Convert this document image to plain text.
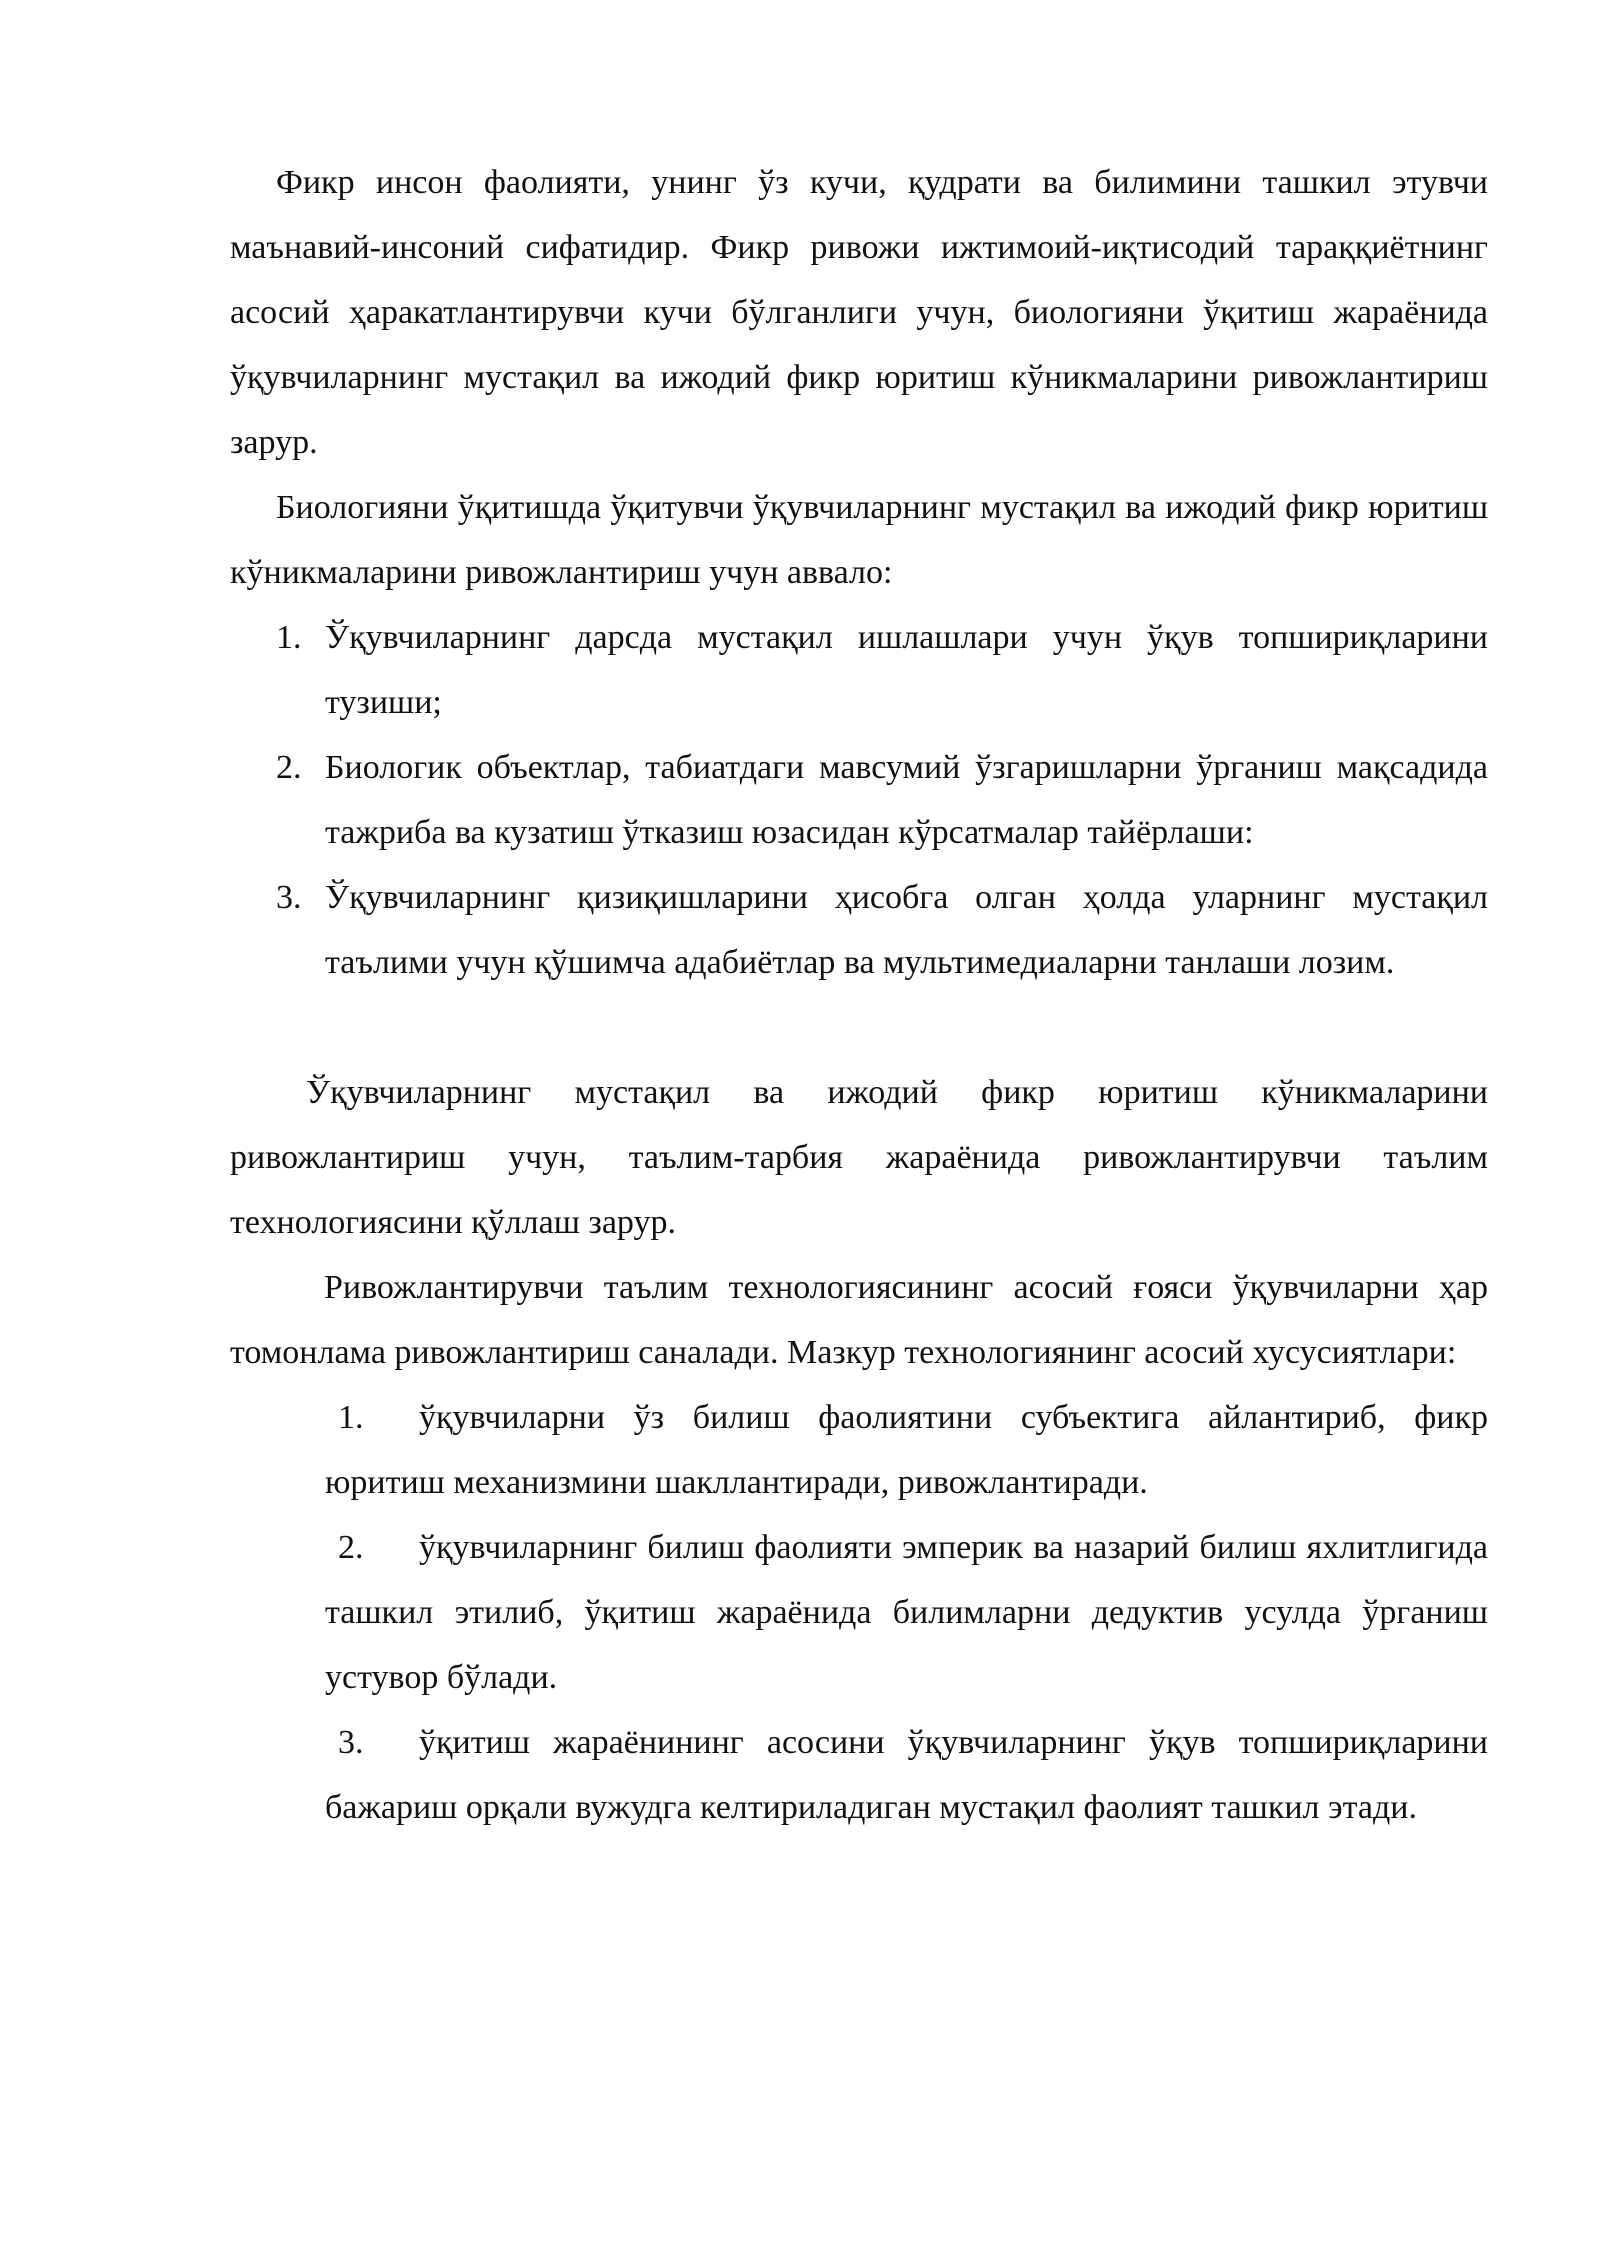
Фикр инсон фаолияти, унинг ўз кучи, қудрати ва билимини ташкил этувчи маънавий-инсоний сифатидир. Фикр ривожи ижтимоий-иқтисодий тараққиётнинг асосий ҳаракатлантирувчи кучи бўлганлиги учун, биологияни ўқитиш жараёнида ўқувчиларнинг мустақил ва ижодий фикр юритиш кўникмаларини ривожлантириш зарур.

Биологияни ўқитишда ўқитувчи ўқувчиларнинг мустақил ва ижодий фикр юритиш кўникмаларини ривожлантириш учун аввало:

1. Ўқувчиларнинг дарсда мустақил ишлашлари учун ўқув топшириқларини тузиши;
2. Биологик объектлар, табиатдаги мавсумий ўзгаришларни ўрганиш мақсадида тажриба ва кузатиш ўтказиш юзасидан кўрсатмалар тайёрлаши:
3. Ўқувчиларнинг қизиқишларини ҳисобга олган ҳолда уларнинг мустақил таълими учун қўшимча адабиётлар ва мультимедиаларни танлаши лозим.

Ўқувчиларнинг мустақил ва ижодий фикр юритиш кўникмаларини ривожлантириш учун, таълим-тарбия жараёнида ривожлантирувчи таълим технологиясини қўллаш зарур.

Ривожлантирувчи таълим технологиясининг асосий ғояси ўқувчиларни ҳар томонлама ривожлантириш саналади. Мазкур технологиянинг асосий хусусиятлари:

1. ўқувчиларни ўз билиш фаолиятини субъектига айлантириб, фикр юритиш механизмини шакллантиради, ривожлантиради.
2. ўқувчиларнинг билиш фаолияти эмперик ва назарий билиш яхлитлигида ташкил этилиб, ўқитиш жараёнида билимларни дедуктив усулда ўрганиш устувор бўлади.
3. ўқитиш жараёнининг асосини ўқувчиларнинг ўқув топшириқларини бажариш орқали вужудга келтириладиган мустақил фаолият ташкил этади.
